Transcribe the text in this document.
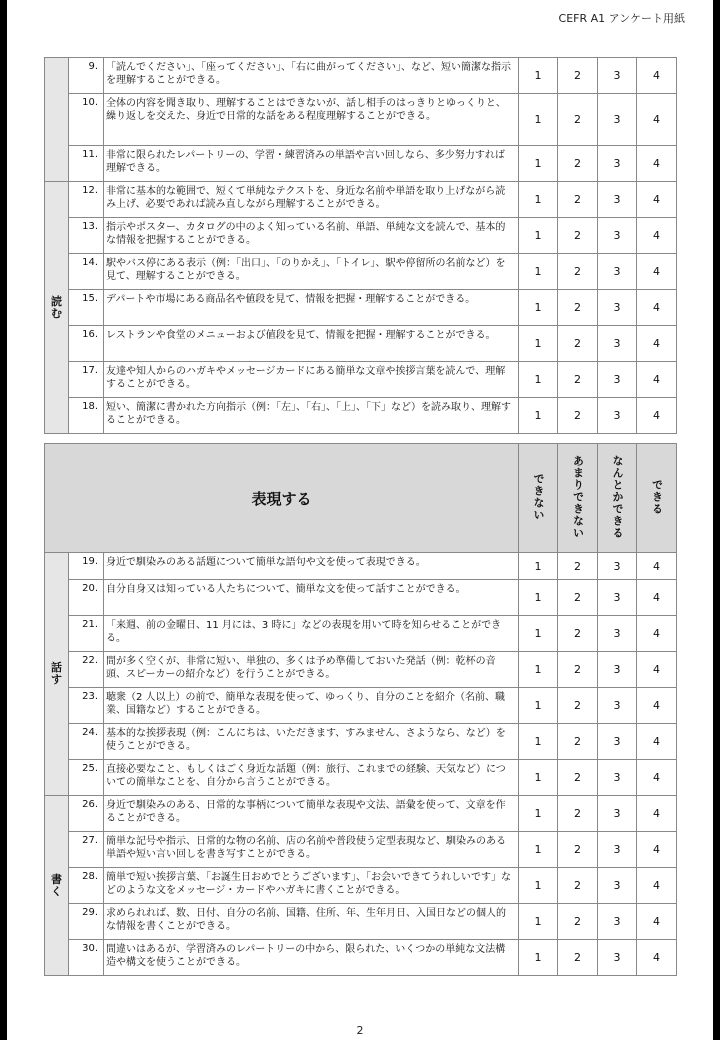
CEFR A1 アンケート用紙
	9.	「読んでください」、「座ってください」、「右に曲がってください」、など、短い簡潔な指示を理解することができる。	1	2	3	4
	10.	全体の内容を聞き取り、理解することはできないが、話し相手のはっきりとゆっくりと、繰り返しを交えた、身近で日常的な話をある程度理解することができる。	1	2	3	4
	11.	非常に限られたレパートリーの、学習・練習済みの単語や言い回しなら、多少努力すれば理解できる。	1	2	3	4
読む	12.	非常に基本的な範囲で、短くて単純なテクストを、身近な名前や単語を取り上げながら読み上げ、必要であれば読み直しながら理解することができる。	1	2	3	4
	13.	指示やポスター、カタログの中のよく知っている名前、単語、単純な文を読んで、基本的な情報を把握することができる。	1	2	3	4
	14.	駅やバス停にある表示（例：「出口」、「のりかえ」、「トイレ」、駅や停留所の名前など）を見て、理解することができる。	1	2	3	4
	15.	デパートや市場にある商品名や値段を見て、情報を把握・理解することができる。	1	2	3	4
	16.	レストランや食堂のメニューおよび値段を見て、情報を把握・理解することができる。	1	2	3	4
	17.	友達や知人からのハガキやメッセージカードにある簡単な文章や挨拶言葉を読んで、理解することができる。	1	2	3	4
	18.	短い、簡潔に書かれた方向指示（例：「左」、「右」、「上」、「下」など）を読み取り、理解することができる。	1	2	3	4
表現する			できない	あまりできない	なんとかできる	できる
話す	19.	身近で馴染みのある話題について簡単な語句や文を使って表現できる。	1	2	3	4
	20.	自分自身又は知っている人たちについて、簡単な文を使って話すことができる。	1	2	3	4
	21.	「来週、前の金曜日、11 月には、3 時に」などの表現を用いて時を知らせることができる。	1	2	3	4
	22.	間が多く空くが、非常に短い、単独の、多くは予め準備しておいた発話（例：乾杯の音頭、スピーカーの紹介など）を行うことができる。	1	2	3	4
	23.	聴衆（2 人以上）の前で、簡単な表現を使って、ゆっくり、自分のことを紹介（名前、職業、国籍など）することができる。	1	2	3	4
	24.	基本的な挨拶表現（例：こんにちは、いただきます、すみません、さようなら、など）を使うことができる。	1	2	3	4
	25.	直接必要なこと、もしくはごく身近な話題（例：旅行、これまでの経験、天気など）についての簡単なことを、自分から言うことができる。	1	2	3	4
書く	26.	身近で馴染みのある、日常的な事柄について簡単な表現や文法、語彙を使って、文章を作ることができる。	1	2	3	4
	27.	簡単な記号や指示、日常的な物の名前、店の名前や普段使う定型表現など、馴染みのある単語や短い言い回しを書き写すことができる。	1	2	3	4
	28.	簡単で短い挨拶言葉、「お誕生日おめでとうございます」、「お会いできてうれしいです」などのような文をメッセージ・カードやハガキに書くことができる。	1	2	3	4
	29.	求められれば、数、日付、自分の名前、国籍、住所、年、生年月日、入国日などの個人的な情報を書くことができる。	1	2	3	4
	30.	間違いはあるが、学習済みのレパートリーの中から、限られた、いくつかの単純な文法構造や構文を使うことができる。	1	2	3	4
2
